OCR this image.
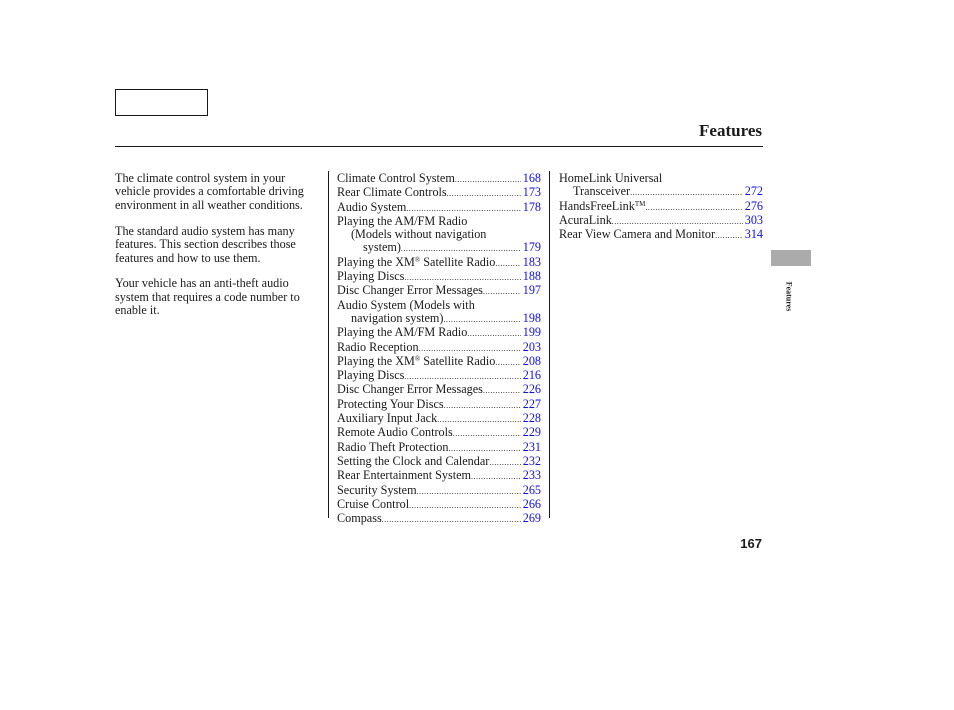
Features

The climate control system in your vehicle provides a comfortable driving environment in all weather conditions.

The standard audio system has many features. This section describes those features and how to use them.

Your vehicle has an anti-theft audio system that requires a code number to enable it.

Climate Control System .....	168
Rear Climate Controls .....	173
Audio System .....	178
Playing the AM/FM Radio
(Models without navigation
system) .....	179
Playing the XM® Satellite Radio ..... 183
Playing Discs .....	188
Disc Changer Error Messages .....	197
Audio System (Models with
navigation system) .....	198
Playing the AM/FM Radio .....	199
Radio Reception .....	203
Playing the XM® Satellite Radio ..... 208
Playing Discs .....	216
Disc Changer Error Messages .....	226
Protecting Your Discs .....	227
Auxiliary Input Jack .....	228
Remote Audio Controls .....	229
Radio Theft Protection .....	231
Setting the Clock and Calendar .....	232
Rear Entertainment System .....	233
Security System .....	265
Cruise Control .....	266
Compass .....	269
HomeLink Universal
Transceiver .....	272
HandsFreeLink™ .....	276
AcuraLink .....	303
Rear View Camera and Monitor ..... 314
Features
167
